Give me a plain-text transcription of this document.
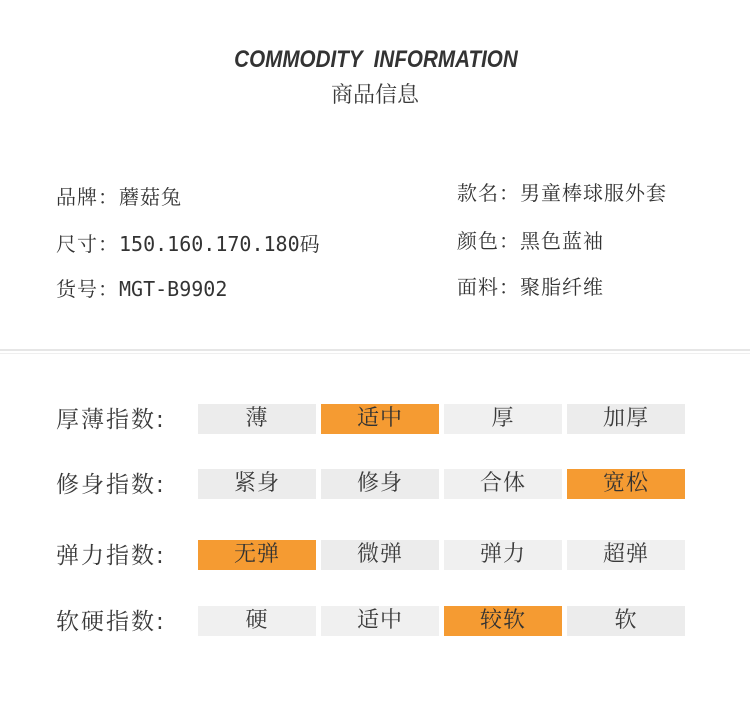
COMMODITY  INFORMATION
商品信息
品牌：蘑菇兔
尺寸：150.160.170.180码
货号：MGT-B9902
款名：男童棒球服外套
颜色：黑色蓝袖
面料：聚脂纤维
厚薄指数:	薄	适中	厚	加厚
修身指数:	紧身	修身	合体	宽松
弹力指数:	无弹	微弹	弹力	超弹
软硬指数:	硬	适中	较软	软
